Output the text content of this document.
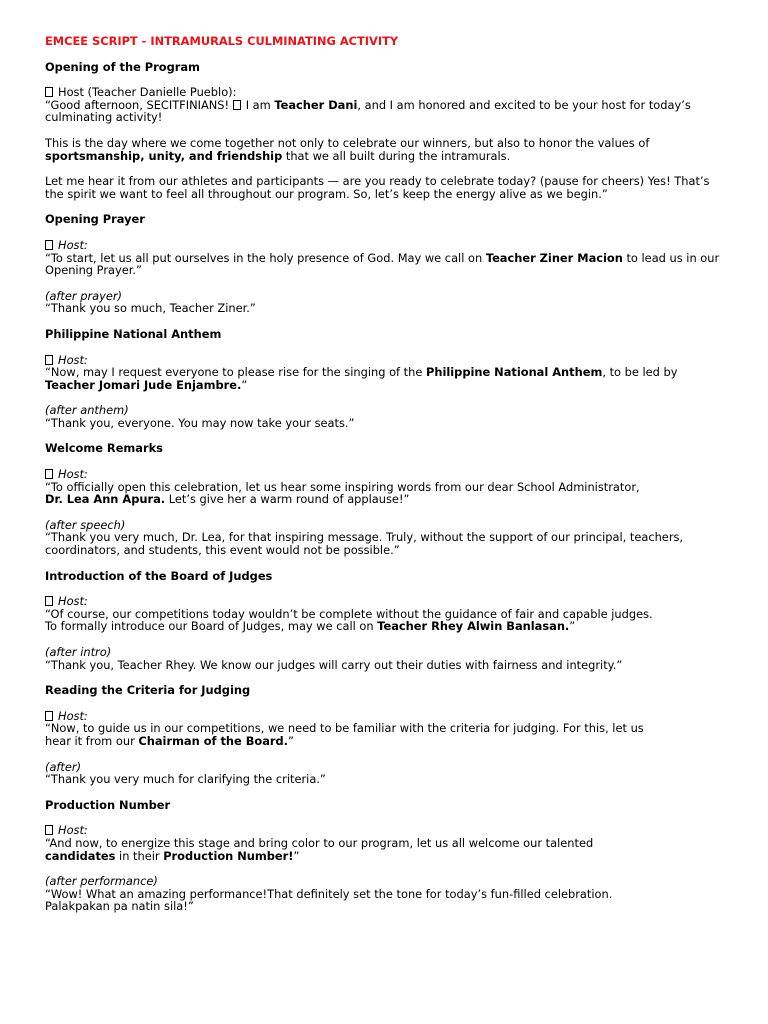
EMCEE SCRIPT - INTRAMURALS CULMINATING ACTIVITY
Opening of the Program
Host (Teacher Danielle Pueblo):
“Good afternoon, SECITFINIANS! I am Teacher Dani, and I am honored and excited to be your host for today’s culminating activity!
This is the day where we come together not only to celebrate our winners, but also to honor the values of sportsmanship, unity, and friendship that we all built during the intramurals.
Let me hear it from our athletes and participants — are you ready to celebrate today? (pause for cheers) Yes! That’s the spirit we want to feel all throughout our program. So, let’s keep the energy alive as we begin.”
Opening Prayer
Host:
“To start, let us all put ourselves in the holy presence of God. May we call on Teacher Ziner Macion to lead us in our Opening Prayer.”
(after prayer)
“Thank you so much, Teacher Ziner.”
Philippine National Anthem
Host:
“Now, may I request everyone to please rise for the singing of the Philippine National Anthem, to be led by Teacher Jomari Jude Enjambre.”
(after anthem)
“Thank you, everyone. You may now take your seats.”
Welcome Remarks
Host:
“To officially open this celebration, let us hear some inspiring words from our dear School Administrator,
Dr. Lea Ann Apura. Let’s give her a warm round of applause!”
(after speech)
“Thank you very much, Dr. Lea, for that inspiring message. Truly, without the support of our principal, teachers, coordinators, and students, this event would not be possible.”
Introduction of the Board of Judges
Host:
“Of course, our competitions today wouldn’t be complete without the guidance of fair and capable judges.
To formally introduce our Board of Judges, may we call on Teacher Rhey Alwin Banlasan.”
(after intro)
“Thank you, Teacher Rhey. We know our judges will carry out their duties with fairness and integrity.”
Reading the Criteria for Judging
Host:
“Now, to guide us in our competitions, we need to be familiar with the criteria for judging. For this, let us
hear it from our Chairman of the Board.”
(after)
“Thank you very much for clarifying the criteria.”
Production Number
Host:
“And now, to energize this stage and bring color to our program, let us all welcome our talented
candidates in their Production Number!”
(after performance)
“Wow! What an amazing performance!That definitely set the tone for today’s fun-filled celebration.
Palakpakan pa natin sila!”
